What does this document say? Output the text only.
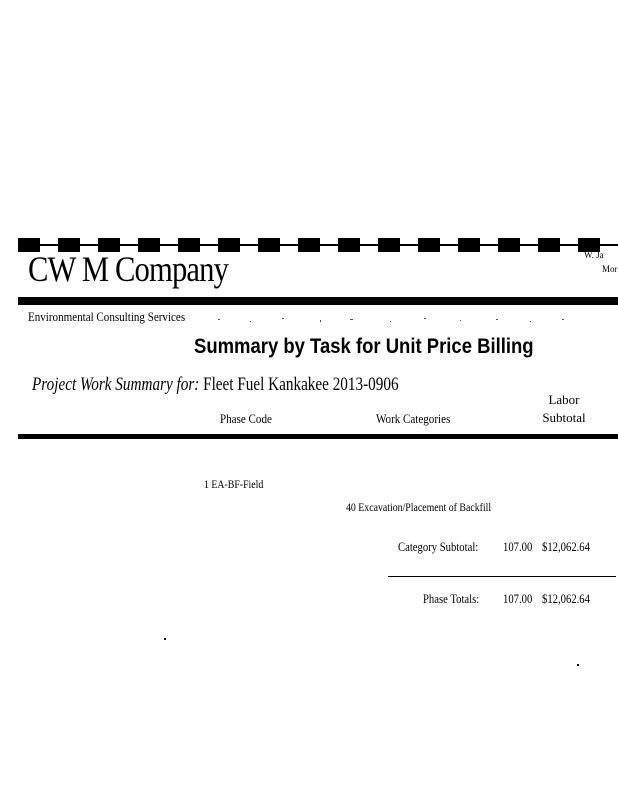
W. Ja
Mor
CW M Company
Environmental Consulting Services
Summary by Task for Unit Price Billing
Project Work Summary for: Fleet Fuel Kankakee 2013-0906
Phase Code	Work Categories
Labor
Subtotal
1 EA-BF-Field
40 Excavation/Placement of Backfill
Category Subtotal: 107.00 $12,062.64
Phase Totals: 107.00 $12,062.64
